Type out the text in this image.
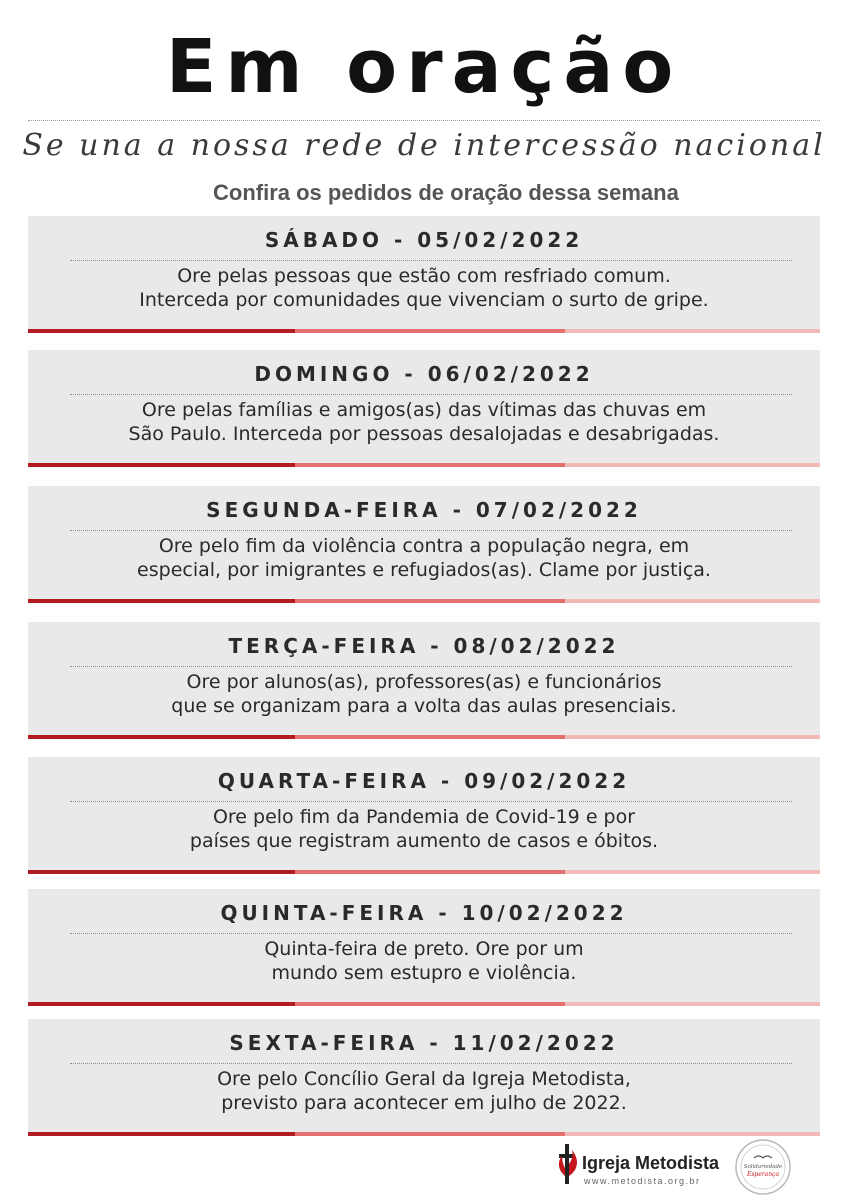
Em oração
Se una a nossa rede de intercessão nacional
Confira os pedidos de oração dessa semana
SÁBADO - 05/02/2022
Ore pelas pessoas que estão com resfriado comum.
Interceda por comunidades que vivenciam o surto de gripe.
DOMINGO - 06/02/2022
Ore pelas famílias e amigos(as) das vítimas das chuvas em
São Paulo. Interceda por pessoas desalojadas e desabrigadas.
SEGUNDA-FEIRA - 07/02/2022
Ore pelo fim da violência contra a população negra, em
especial, por imigrantes e refugiados(as). Clame por justiça.
TERÇA-FEIRA - 08/02/2022
Ore por alunos(as), professores(as) e funcionários
que se organizam para a volta das aulas presenciais.
QUARTA-FEIRA - 09/02/2022
Ore pelo fim da Pandemia de Covid-19 e por
países que registram aumento de casos e óbitos.
QUINTA-FEIRA - 10/02/2022
Quinta-feira de preto. Ore por um
mundo sem estupro e violência.
SEXTA-FEIRA - 11/02/2022
Ore pelo Concílio Geral da Igreja Metodista,
previsto para acontecer em julho de 2022.
Igreja Metodista
www.metodista.org.br
Solidariedade
Esperança
